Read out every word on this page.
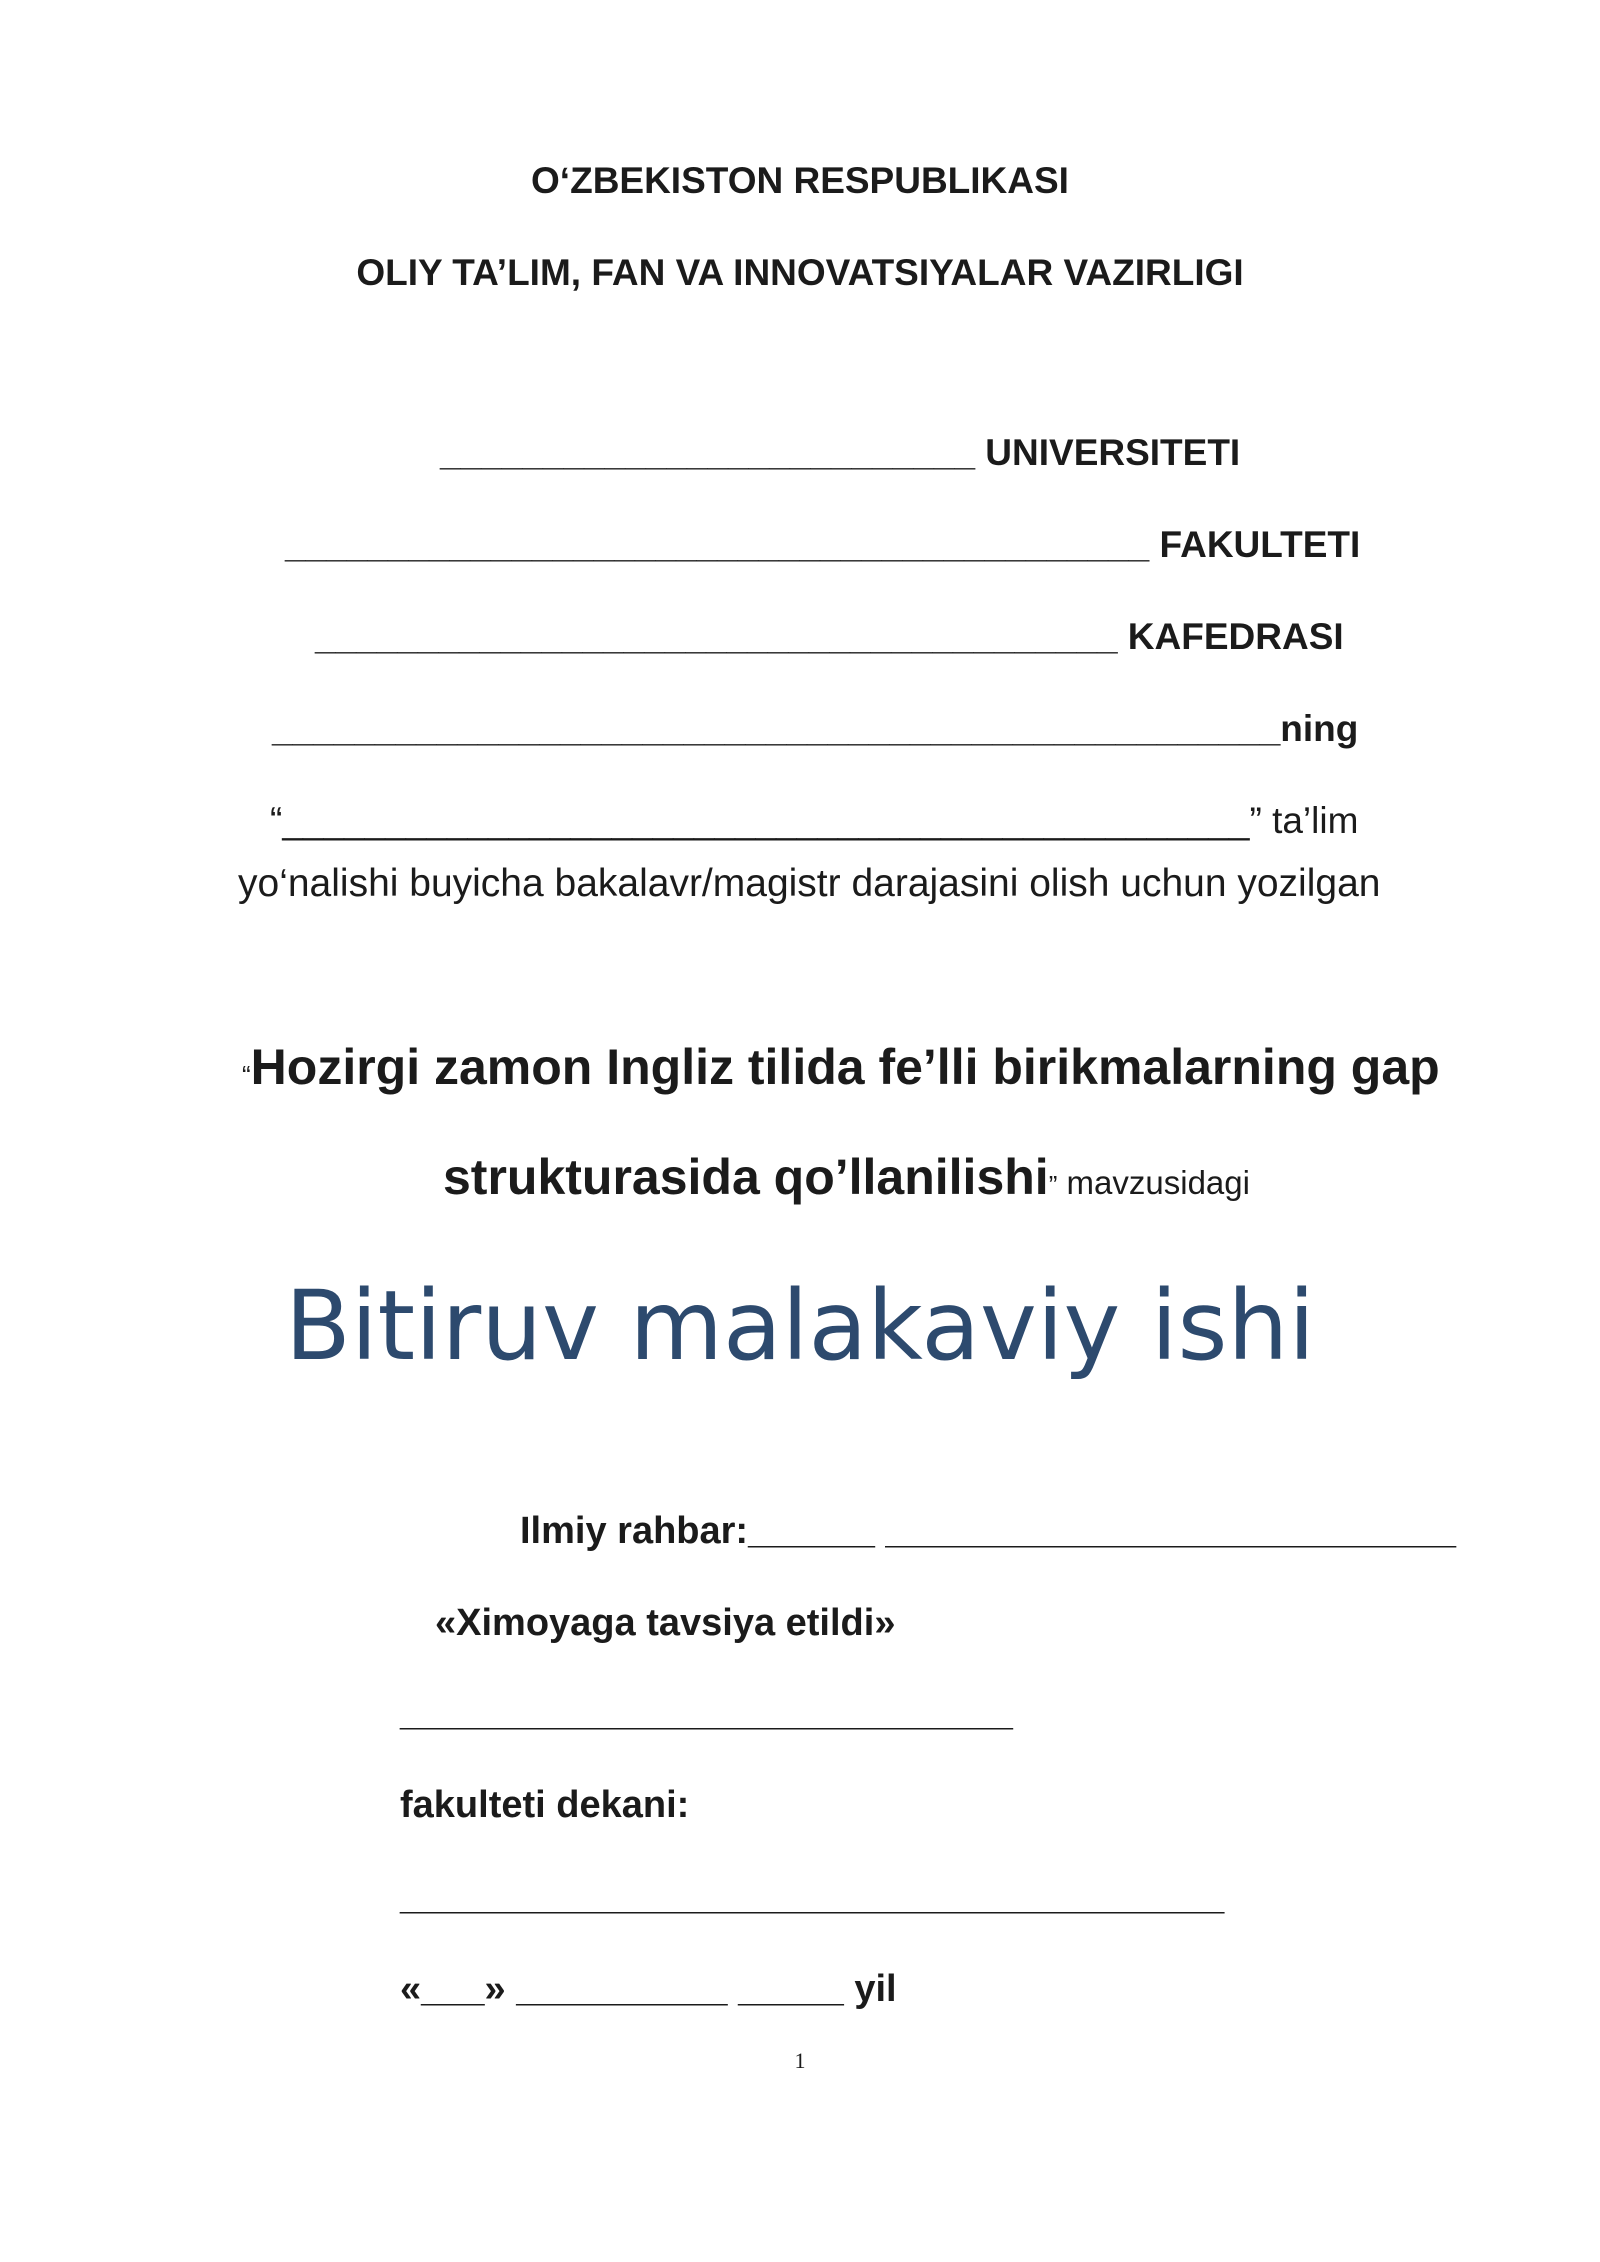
O‘ZBEKISTON RESPUBLIKASI
OLIY TA’LIM, FAN VA INNOVATSIYALAR VAZIRLIGI
__________________________ UNIVERSITETI
__________________________________________ FAKULTETI
_______________________________________ KAFEDRASI
_________________________________________________ning
“_______________________________________________” ta’lim
yo‘nalishi buyicha bakalavr/magistr darajasini olish uchun yozilgan
“Hozirgi zamon Ingliz tilida fe’lli birikmalarning gap
strukturasida qo’llanilishi” mavzusidagi
Bitiruv malakaviy ishi
Ilmiy rahbar:______ ___________________________
«Ximoyaga tavsiya etildi»
_____________________________
fakulteti dekani:
_______________________________________
«___» __________ _____ yil
1
